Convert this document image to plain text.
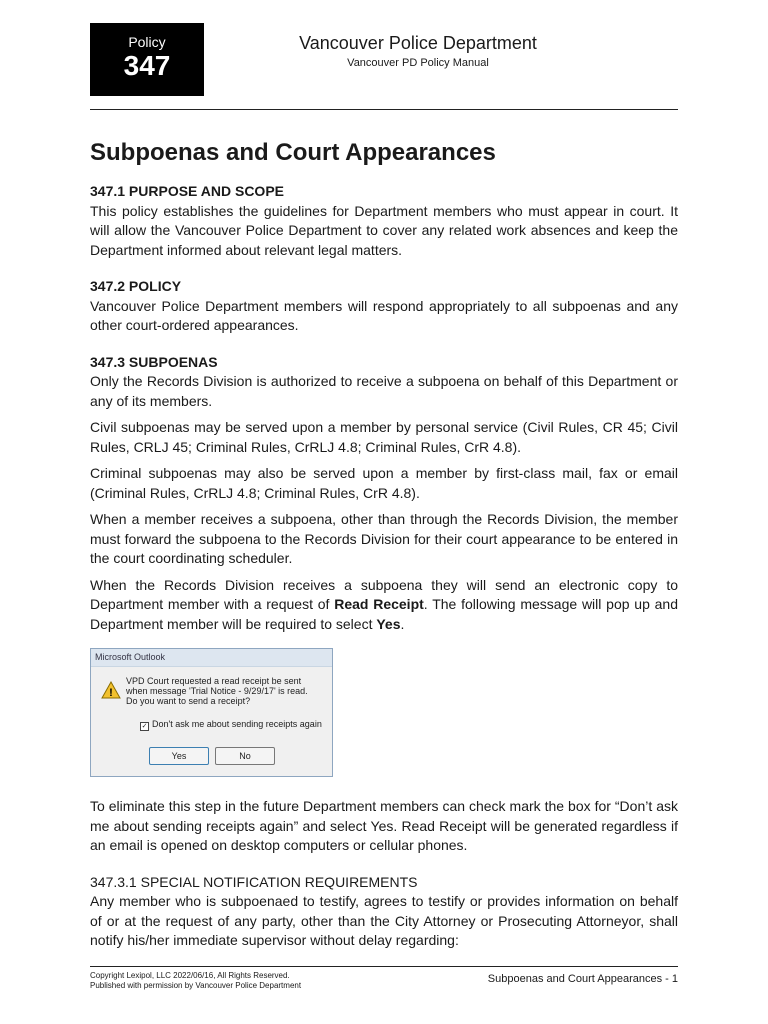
Policy
347
Vancouver Police Department
Vancouver PD Policy Manual
Subpoenas and Court Appearances
347.1 PURPOSE AND SCOPE

This policy establishes the guidelines for Department members who must appear in court. It will allow the Vancouver Police Department to cover any related work absences and keep the Department informed about relevant legal matters.

347.2 POLICY

Vancouver Police Department members will respond appropriately to all subpoenas and any other court-ordered appearances.

347.3 SUBPOENAS

Only the Records Division is authorized to receive a subpoena on behalf of this Department or any of its members.

Civil subpoenas may be served upon a member by personal service (Civil Rules, CR 45; Civil Rules, CRLJ 45; Criminal Rules, CrRLJ 4.8; Criminal Rules, CrR 4.8).

Criminal subpoenas may also be served upon a member by first-class mail, fax or email (Criminal Rules, CrRLJ 4.8; Criminal Rules, CrR 4.8).

When a member receives a subpoena, other than through the Records Division, the member must forward the subpoena to the Records Division for their court appearance to be entered in the court coordinating scheduler.

When the Records Division receives a subpoena they will send an electronic copy to Department member with a request of Read Receipt. The following message will pop up and Department member will be required to select Yes.

Microsoft Outlook
!
VPD Court requested a read receipt be sent when message 'Trial Notice - 9/29/17' is read. Do you want to send a receipt?
✓ Don't ask me about sending receipts again
Yes	No

To eliminate this step in the future Department members can check mark the box for “Don’t ask me about sending receipts again” and select Yes. Read Receipt will be generated regardless if an email is opened on desktop computers or cellular phones.

347.3.1 SPECIAL NOTIFICATION REQUIREMENTS

Any member who is subpoenaed to testify, agrees to testify or provides information on behalf of or at the request of any party, other than the City Attorney or Prosecuting Attorneyor, shall notify his/her immediate supervisor without delay regarding:

Copyright Lexipol, LLC 2022/06/16, All Rights Reserved.
Published with permission by Vancouver Police Department
Subpoenas and Court Appearances - 1
